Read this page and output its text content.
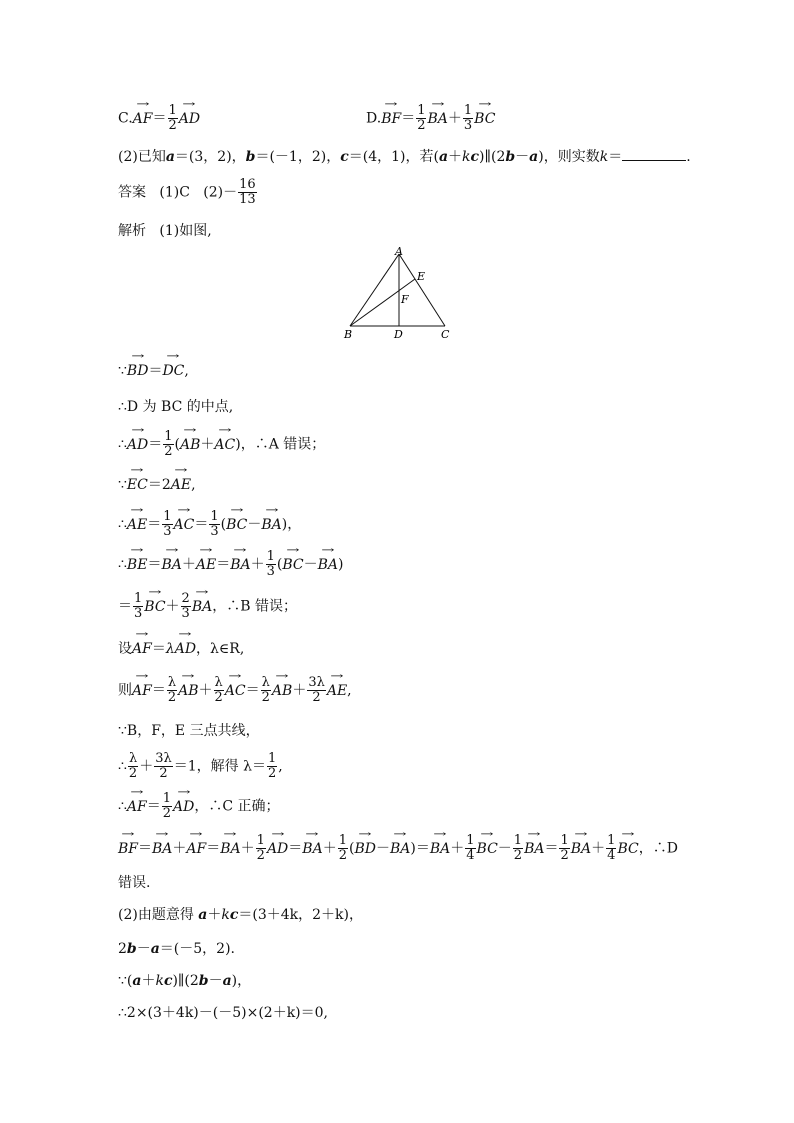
$C.\to AF= \frac{1}{2}$
→ AD	$D.\to BF= \frac{1}{2}$
→ $BA+ \frac{1}{3}$
→ BC
(2)已知a＝(3，2)，b＝(－1，2)，c＝(4，1)，若(a＋kc)∥(2b－a)，则实数k＝	.
答案 (1)C $(2)- \frac{16}{13}$
解析 (1)如图,
A
E
F
B	D	C
∵→ BD＝→ DC,
∴D 为 BC 的中点,
∴→ $AD= \frac{1}{2}$ (→ AB＋→ AC)，∴A 错误；
∵→ EC＝2→ AE,
∴→ $AE= \frac{1}{3}$
→ $AC= \frac{1}{3}$ (→ BC－→ BA)，
∴→ $BE=\to BA+\to AE=\to BA+ \frac{1}{3}$ (→ BC－→ BA)
＝ $\frac{1}{3}$
→ $BC+ \frac{2}{3}$
→ BA，∴B 错误；
设→ AF＝λ→ AD，λ∈R,
则→ $AF= \frac{\lambda}{2}$
→ $AB+ \frac{\lambda}{2}$
→ $AC= \frac{\lambda}{2}$
→ $AB+ \frac{3\lambda}{2}$
→ AE,
∵B，F，E 三点共线，
∴ $\frac{\lambda}{2} + \frac{3\lambda}{2} =1$，解得 $\lambda= \frac{1}{2}$ ,
∴→ $AF= \frac{1}{2}$
→ AD，∴C 正确；
→ $BF=\to BA+\to AF=\to BA+ \frac{1}{2}$
→ $AD=\to BA+ \frac{1}{2}$ (→ $BD-\to BA)=\to BA+ \frac{1}{4}$
→ $BC- \frac{1}{2}$
→ $BA= \frac{1}{2}$
→ $BA+ \frac{1}{4}$
→ BC，∴D
错误.
(2)由题意得 a＋kc＝(3＋4k，2＋k)，
2b－a＝(－5，2).
∵(a＋kc)∥(2b－a)，
∴2×(3＋4k)－(－5)×(2＋k)＝0,
